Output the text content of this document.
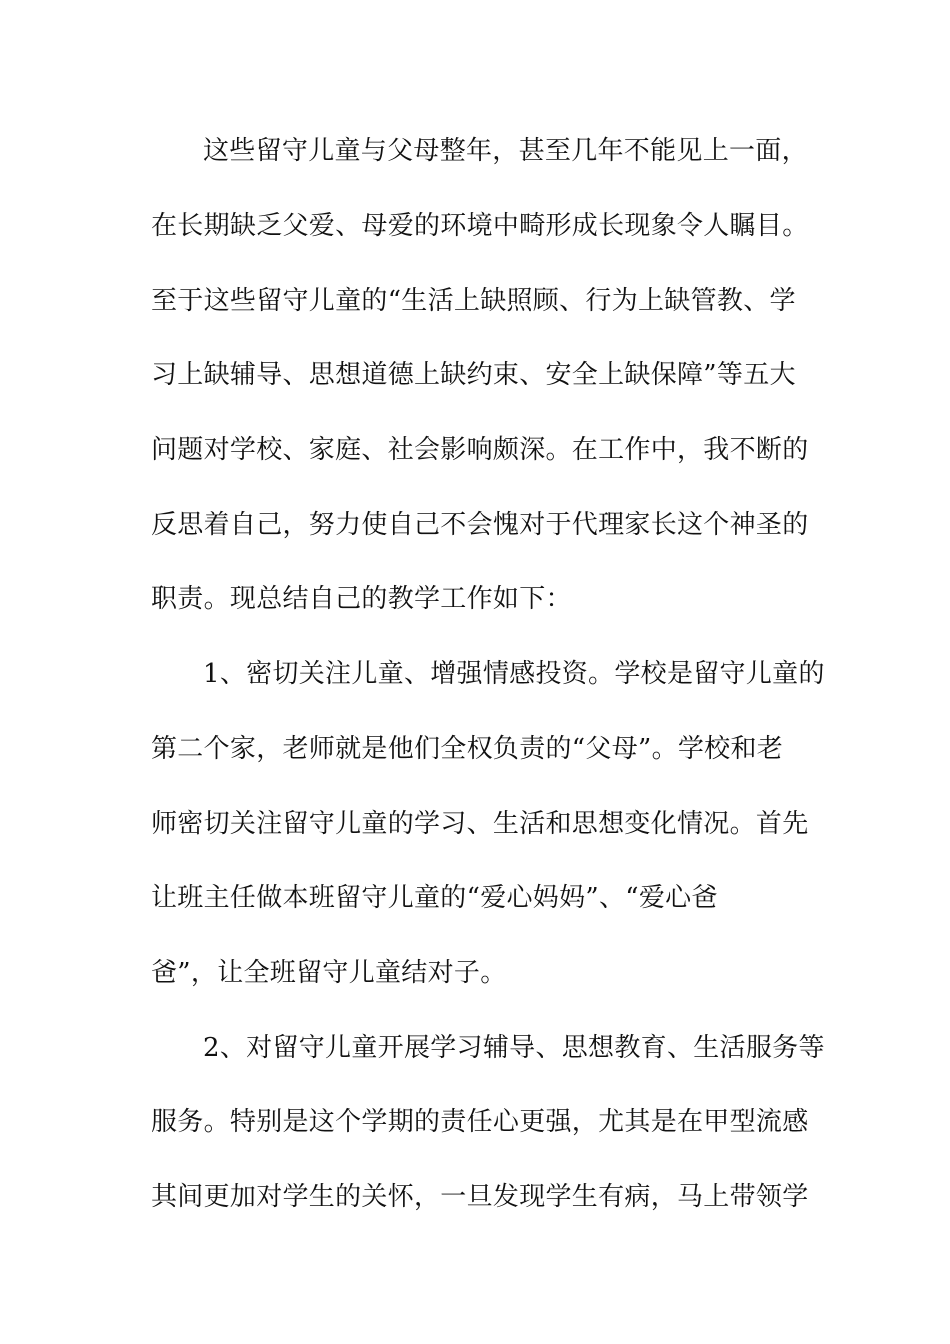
这些留守儿童与父母整年，甚至几年不能见上一面，
在长期缺乏父爱、母爱的环境中畸形成长现象令人瞩目。
至于这些留守儿童的“生活上缺照顾、行为上缺管教、学
习上缺辅导、思想道德上缺约束、安全上缺保障”等五大
问题对学校、家庭、社会影响颇深。在工作中，我不断的
反思着自己，努力使自己不会愧对于代理家长这个神圣的
职责。现总结自己的教学工作如下：
1、密切关注儿童、增强情感投资。学校是留守儿童的
第二个家，老师就是他们全权负责的“父母”。学校和老
师密切关注留守儿童的学习、生活和思想变化情况。首先
让班主任做本班留守儿童的“爱心妈妈”、“爱心爸
爸”，让全班留守儿童结对子。
2、对留守儿童开展学习辅导、思想教育、生活服务等
服务。特别是这个学期的责任心更强，尤其是在甲型流感
其间更加对学生的关怀，一旦发现学生有病，马上带领学
